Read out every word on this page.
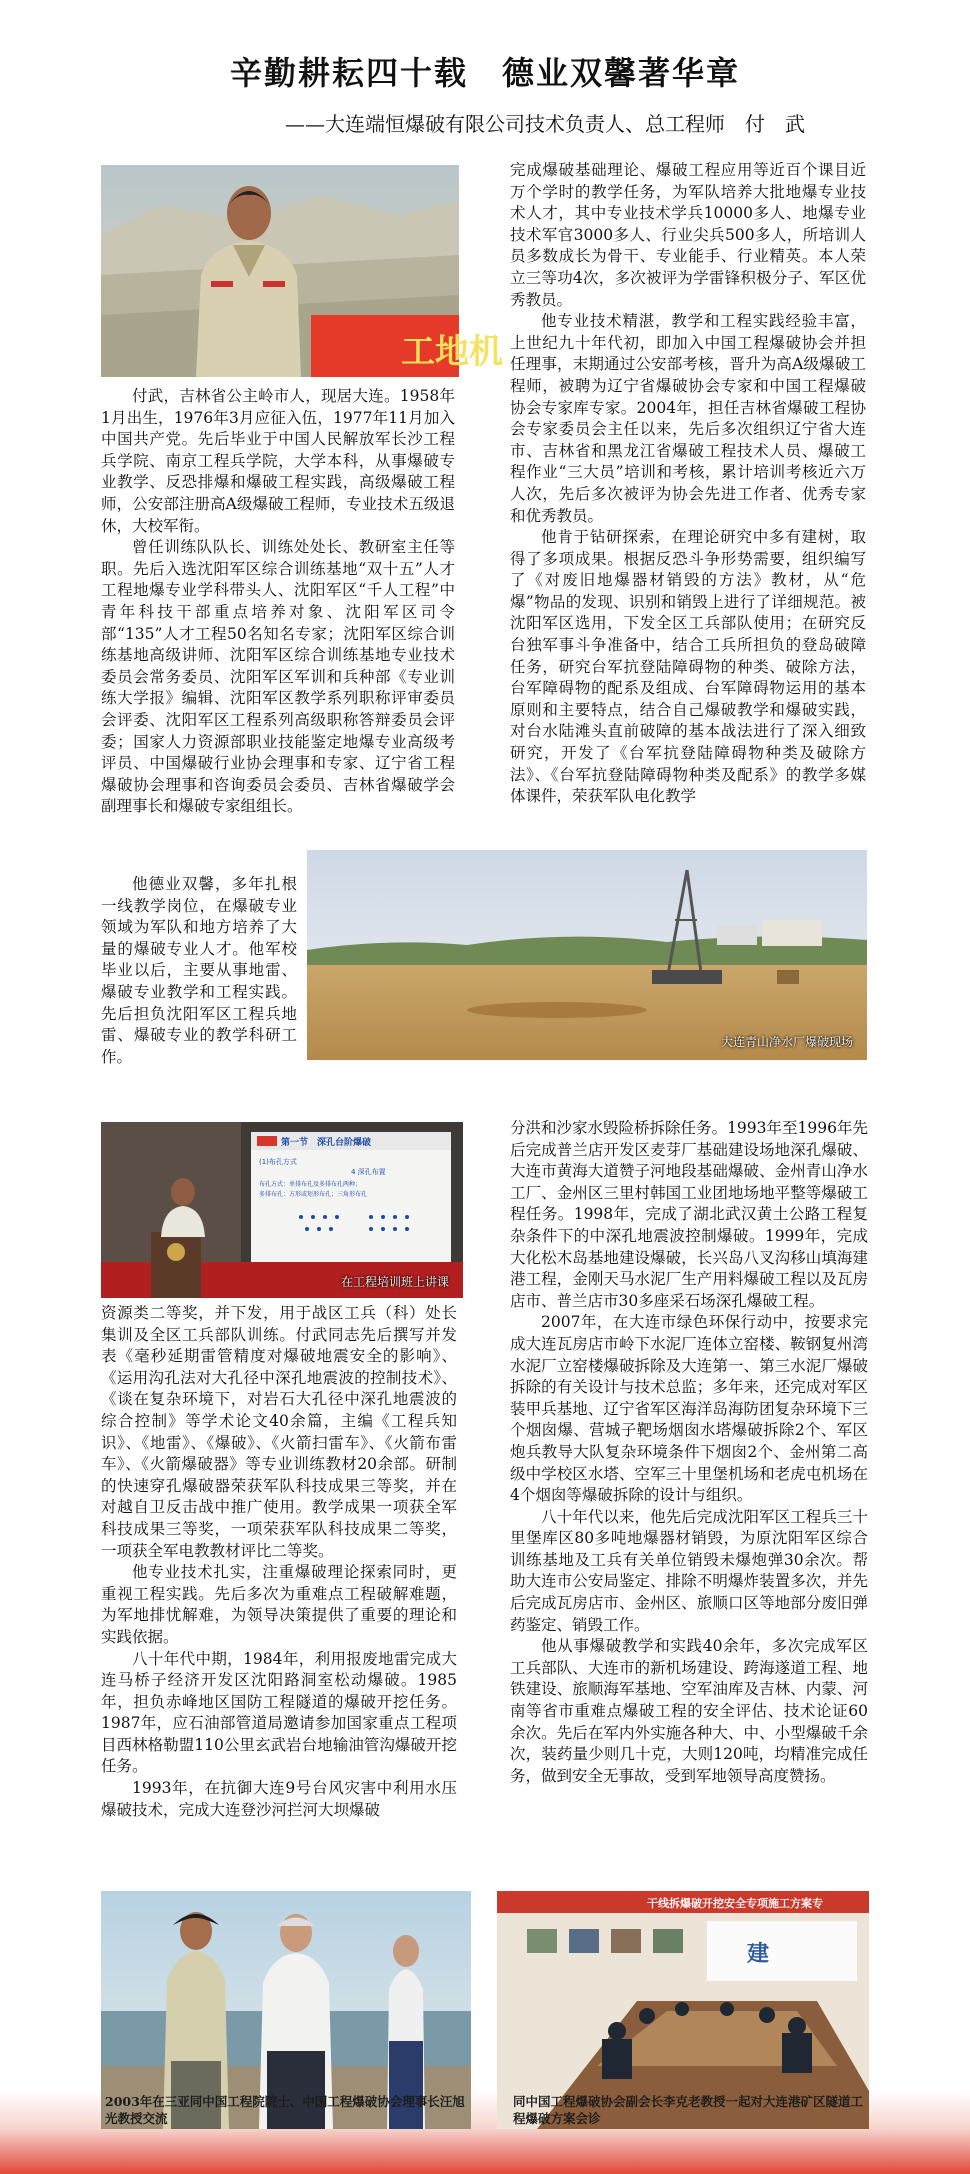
辛勤耕耘四十载　德业双馨著华章
——大连端恒爆破有限公司技术负责人、总工程师　付　武
工地机

付武，吉林省公主岭市人，现居大连。1958年1月出生，1976年3月应征入伍，1977年11月加入中国共产党。先后毕业于中国人民解放军长沙工程兵学院、南京工程兵学院，大学本科，从事爆破专业教学、反恐排爆和爆破工程实践，高级爆破工程师，公安部注册高A级爆破工程师，专业技术五级退休，大校军衔。

曾任训练队队长、训练处处长、教研室主任等职。先后入选沈阳军区综合训练基地“双十五”人才工程地爆专业学科带头人、沈阳军区“千人工程”中青年科技干部重点培养对象、沈阳军区司令部“135”人才工程50名知名专家；沈阳军区综合训练基地高级讲师、沈阳军区综合训练基地专业技术委员会常务委员、沈阳军区军训和兵种部《专业训练大学报》编辑、沈阳军区教学系列职称评审委员会评委、沈阳军区工程系列高级职称答辩委员会评委；国家人力资源部职业技能鉴定地爆专业高级考评员、中国爆破行业协会理事和专家、辽宁省工程爆破协会理事和咨询委员会委员、吉林省爆破学会副理事长和爆破专家组组长。

他德业双馨，多年扎根一线教学岗位，在爆破专业领域为军队和地方培养了大量的爆破专业人才。他军校毕业以后，主要从事地雷、爆破专业教学和工程实践。先后担负沈阳军区工程兵地雷、爆破专业的教学科研工作。

完成爆破基础理论、爆破工程应用等近百个课目近万个学时的教学任务，为军队培养大批地爆专业技术人才，其中专业技术学兵10000多人、地爆专业技术军官3000多人、行业尖兵500多人，所培训人员多数成长为骨干、专业能手、行业精英。本人荣立三等功4次，多次被评为学雷锋积极分子、军区优秀教员。

他专业技术精湛，教学和工程实践经验丰富，上世纪九十年代初，即加入中国工程爆破协会并担任理事，末期通过公安部考核，晋升为高A级爆破工程师，被聘为辽宁省爆破协会专家和中国工程爆破协会专家库专家。2004年，担任吉林省爆破工程协会专家委员会主任以来，先后多次组织辽宁省大连市、吉林省和黑龙江省爆破工程技术人员、爆破工程作业“三大员”培训和考核，累计培训考核近六万人次，先后多次被评为协会先进工作者、优秀专家和优秀教员。

他肯于钻研探索，在理论研究中多有建树，取得了多项成果。根据反恐斗争形势需要，组织编写了《对废旧地爆器材销毁的方法》教材，从“危爆”物品的发现、识别和销毁上进行了详细规范。被沈阳军区选用，下发全区工兵部队使用；在研究反台独军事斗争准备中，结合工兵所担负的登岛破障任务，研究台军抗登陆障碍物的种类、破除方法，台军障碍物的配系及组成、台军障碍物运用的基本原则和主要特点，结合自己爆破教学和爆破实践，对台水陆滩头直前破障的基本战法进行了深入细致研究，开发了《台军抗登陆障碍物种类及破除方法》、《台军抗登陆障碍物种类及配系》的教学多媒体课件，荣获军队电化教学

大连青山净水厂爆破现场
第一节　深孔台阶爆破
(1)布孔方式
4 深孔布置
布孔方式：单排布孔及多排布孔两种；
多排布孔：方形或矩形布孔；三角形布孔
在工程培训班上讲课

资源类二等奖，并下发，用于战区工兵（科）处长集训及全区工兵部队训练。付武同志先后撰写并发表《毫秒延期雷管精度对爆破地震安全的影响》、《运用沟孔法对大孔径中深孔地震波的控制技术》、《谈在复杂环境下，对岩石大孔径中深孔地震波的综合控制》等学术论文40余篇，主编《工程兵知识》、《地雷》、《爆破》、《火箭扫雷车》、《火箭布雷车》、《火箭爆破器》等专业训练教材20余部。研制的快速穿孔爆破器荣获军队科技成果三等奖，并在对越自卫反击战中推广使用。教学成果一项获全军科技成果三等奖，一项荣获军队科技成果二等奖，一项获全军电教教材评比二等奖。

他专业技术扎实，注重爆破理论探索同时，更重视工程实践。先后多次为重难点工程破解难题，为军地排忧解难，为领导决策提供了重要的理论和实践依据。

八十年代中期，1984年，利用报废地雷完成大连马桥子经济开发区沈阳路洞室松动爆破。1985年，担负赤峰地区国防工程隧道的爆破开挖任务。1987年，应石油部管道局邀请参加国家重点工程项目西林格勒盟110公里玄武岩台地输油管沟爆破开挖任务。

1993年，在抗御大连9号台风灾害中利用水压爆破技术，完成大连登沙河拦河大坝爆破

分洪和沙家水毁险桥拆除任务。1993年至1996年先后完成普兰店开发区麦芽厂基础建设场地深孔爆破、大连市黄海大道赞子河地段基础爆破、金州青山净水工厂、金州区三里村韩国工业团地场地平整等爆破工程任务。1998年，完成了湖北武汉黄土公路工程复杂条件下的中深孔地震波控制爆破。1999年，完成大化松木岛基地建设爆破，长兴岛八叉沟移山填海建港工程，金刚天马水泥厂生产用料爆破工程以及瓦房店市、普兰店市30多座采石场深孔爆破工程。

2007年，在大连市绿色环保行动中，按要求完成大连瓦房店市岭下水泥厂连体立窑楼、鞍钢复州湾水泥厂立窑楼爆破拆除及大连第一、第三水泥厂爆破拆除的有关设计与技术总监；多年来，还完成对军区装甲兵基地、辽宁省军区海洋岛海防团复杂环境下三个烟囱爆、营城子靶场烟囱水塔爆破拆除2个、军区炮兵教导大队复杂环境条件下烟囱2个、金州第二高级中学校区水塔、空军三十里堡机场和老虎屯机场在4个烟囱等爆破拆除的设计与组织。

八十年代以来，他先后完成沈阳军区工程兵三十里堡库区80多吨地爆器材销毁，为原沈阳军区综合训练基地及工兵有关单位销毁未爆炮弹30余次。帮助大连市公安局鉴定、排除不明爆炸装置多次，并先后完成瓦房店市、金州区、旅顺口区等地部分废旧弹药鉴定、销毁工作。

他从事爆破教学和实践40余年，多次完成军区工兵部队、大连市的新机场建设、跨海遂道工程、地铁建设、旅顺海军基地、空军油库及吉林、内蒙、河南等省市重难点爆破工程的安全评估、技术论证60余次。先后在军内外实施各种大、中、小型爆破千余次，装药量少则几十克，大则120吨，均精准完成任务，做到安全无事故，受到军地领导高度赞扬。

2003年在三亚同中国工程院院士、中国工程爆破协会理事长汪旭光教授交流
干线拆爆破开挖安全专项施工方案专
建
同中国工程爆破协会副会长李克老教授一起对大连港矿区隧道工程爆破方案会诊
